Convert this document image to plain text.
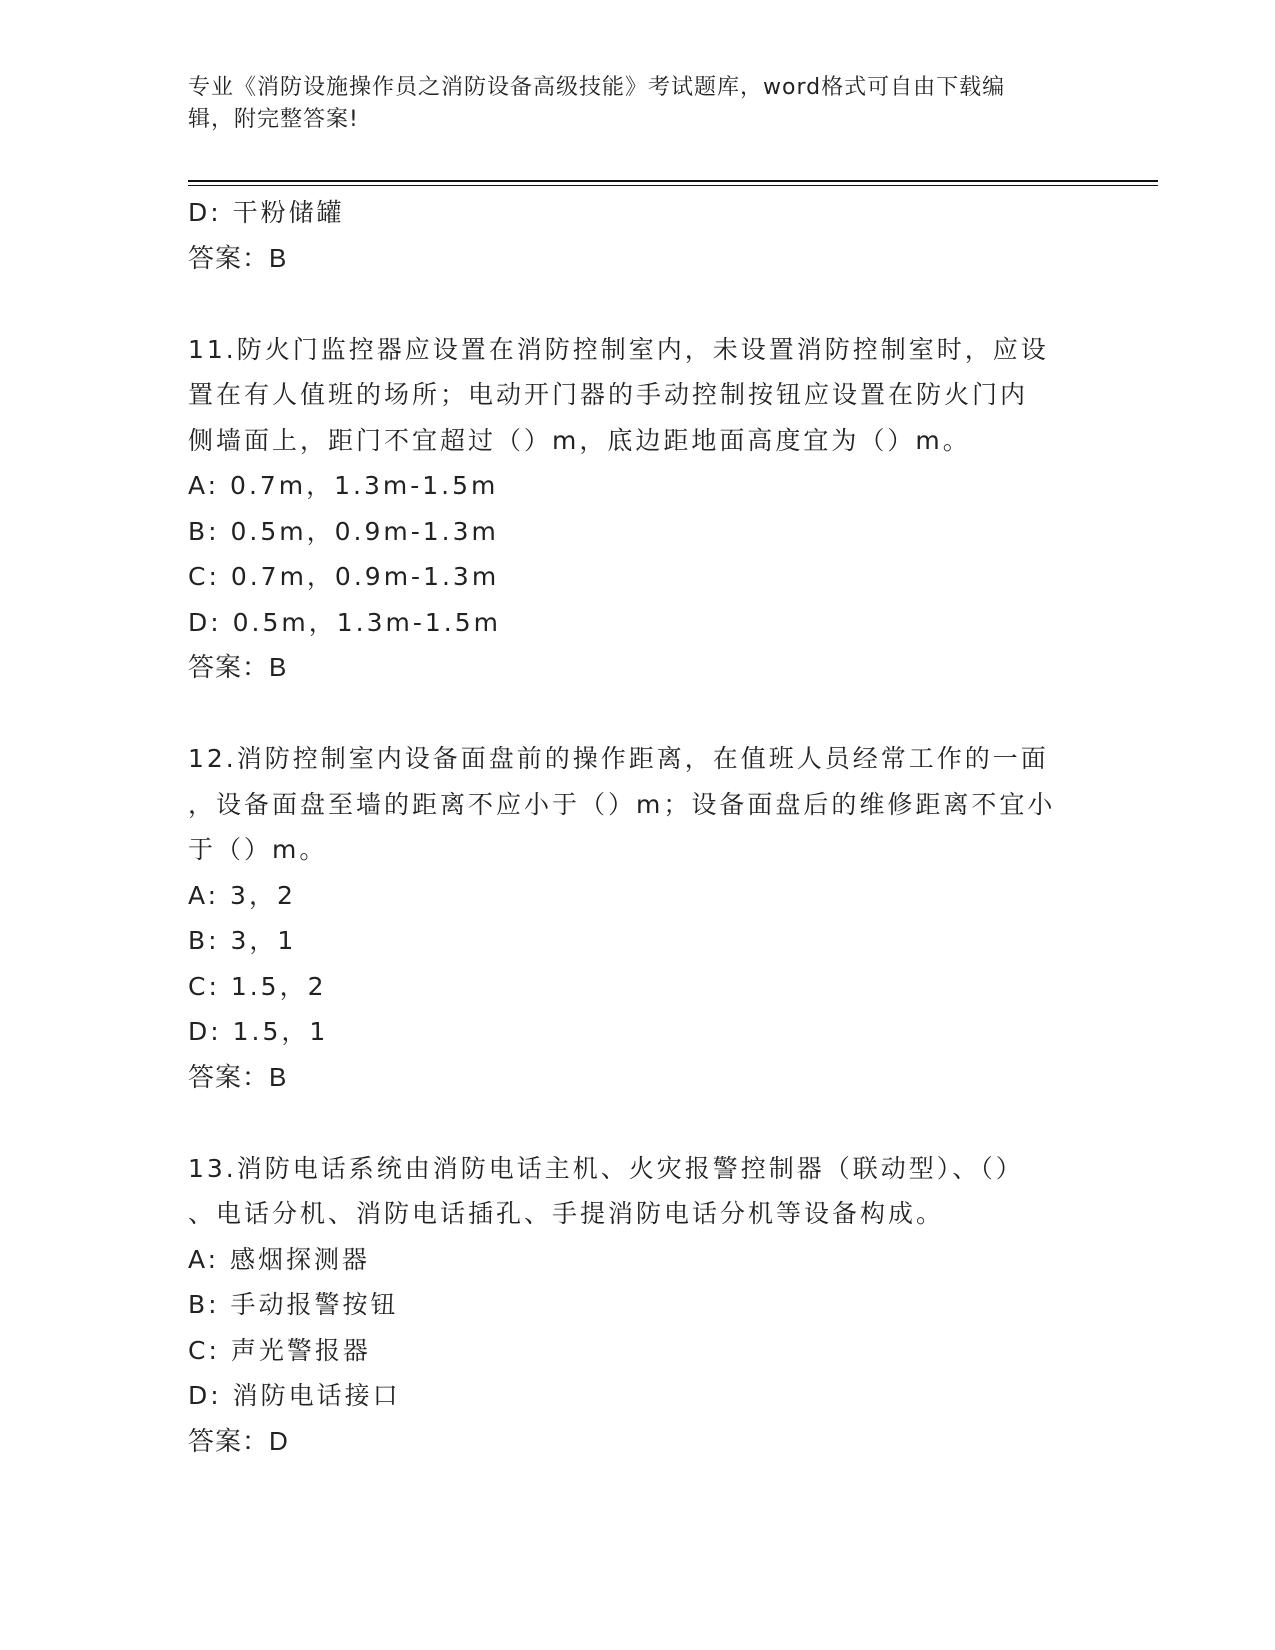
专业《消防设施操作员之消防设备高级技能》考试题库，word格式可自由下载编
辑，附完整答案!
D: 干粉储罐
答案：B
11.防火门监控器应设置在消防控制室内，未设置消防控制室时，应设
置在有人值班的场所；电动开门器的手动控制按钮应设置在防火门内
侧墙面上，距门不宜超过（）m，底边距地面高度宜为（）m。
A: 0.7m，1.3m-1.5m
B: 0.5m，0.9m-1.3m
C: 0.7m，0.9m-1.3m
D: 0.5m，1.3m-1.5m
答案：B
12.消防控制室内设备面盘前的操作距离，在值班人员经常工作的一面
，设备面盘至墙的距离不应小于（）m；设备面盘后的维修距离不宜小
于（）m。
A: 3，2
B: 3，1
C: 1.5，2
D: 1.5，1
答案：B
13.消防电话系统由消防电话主机、火灾报警控制器（联动型）、（）
、电话分机、消防电话插孔、手提消防电话分机等设备构成。
A: 感烟探测器
B: 手动报警按钮
C: 声光警报器
D: 消防电话接口
答案：D
